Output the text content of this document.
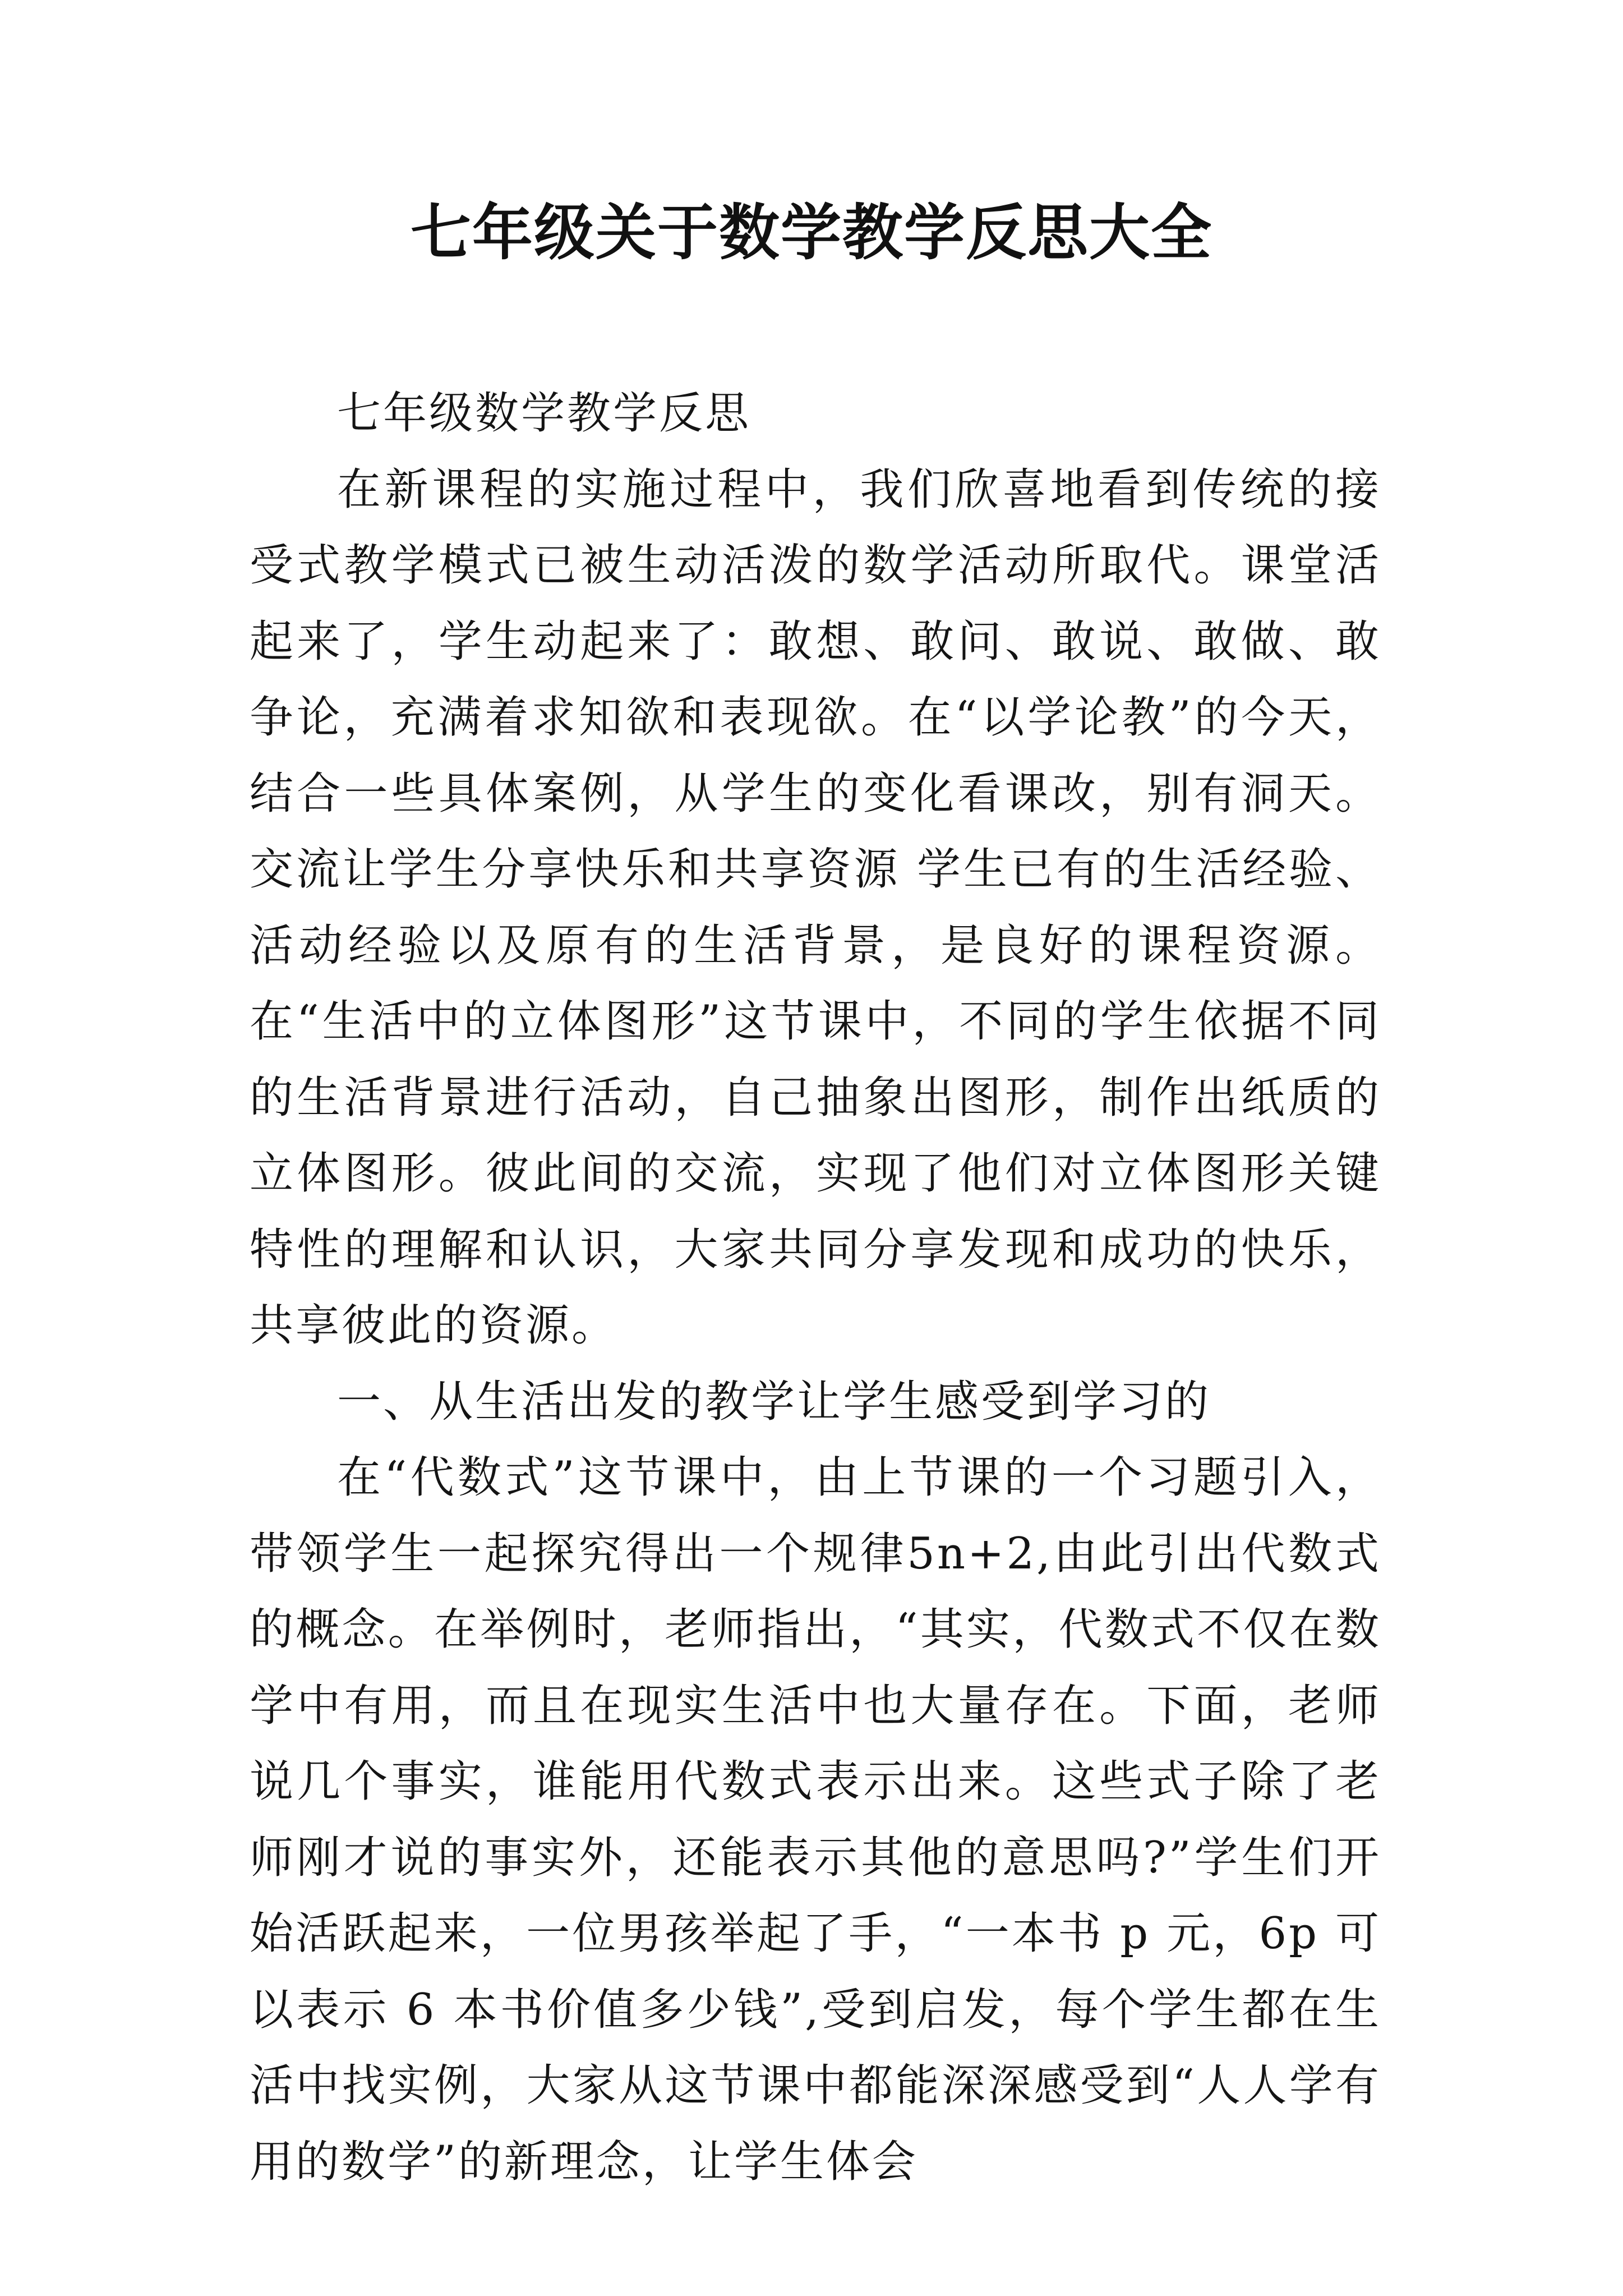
七年级关于数学教学反思大全

七年级数学教学反思

在新课程的实施过程中，我们欣喜地看到传统的接受式教学模式已被生动活泼的数学活动所取代。课堂活起来了，学生动起来了：敢想、敢问、敢说、敢做、敢争论，充满着求知欲和表现欲。在“以学论教”的今天，结合一些具体案例，从学生的变化看课改，别有洞天。交流让学生分享快乐和共享资源 学生已有的生活经验、活动经验以及原有的生活背景，是良好的课程资源。在“生活中的立体图形”这节课中，不同的学生依据不同的生活背景进行活动，自己抽象出图形，制作出纸质的立体图形。彼此间的交流，实现了他们对立体图形关键特性的理解和认识，大家共同分享发现和成功的快乐，共享彼此的资源。

一、从生活出发的教学让学生感受到学习的

在“代数式”这节课中，由上节课的一个习题引入，带领学生一起探究得出一个规律5n+2,由此引出代数式的概念。在举例时，老师指出，“其实，代数式不仅在数学中有用，而且在现实生活中也大量存在。下面，老师说几个事实，谁能用代数式表示出来。这些式子除了老师刚才说的事实外，还能表示其他的意思吗?”学生们开始活跃起来，一位男孩举起了手，“一本书 p 元，6p 可以表示 6 本书价值多少钱”,受到启发，每个学生都在生活中找实例，大家从这节课中都能深深感受到“人人学有用的数学”的新理念，让学生体会
